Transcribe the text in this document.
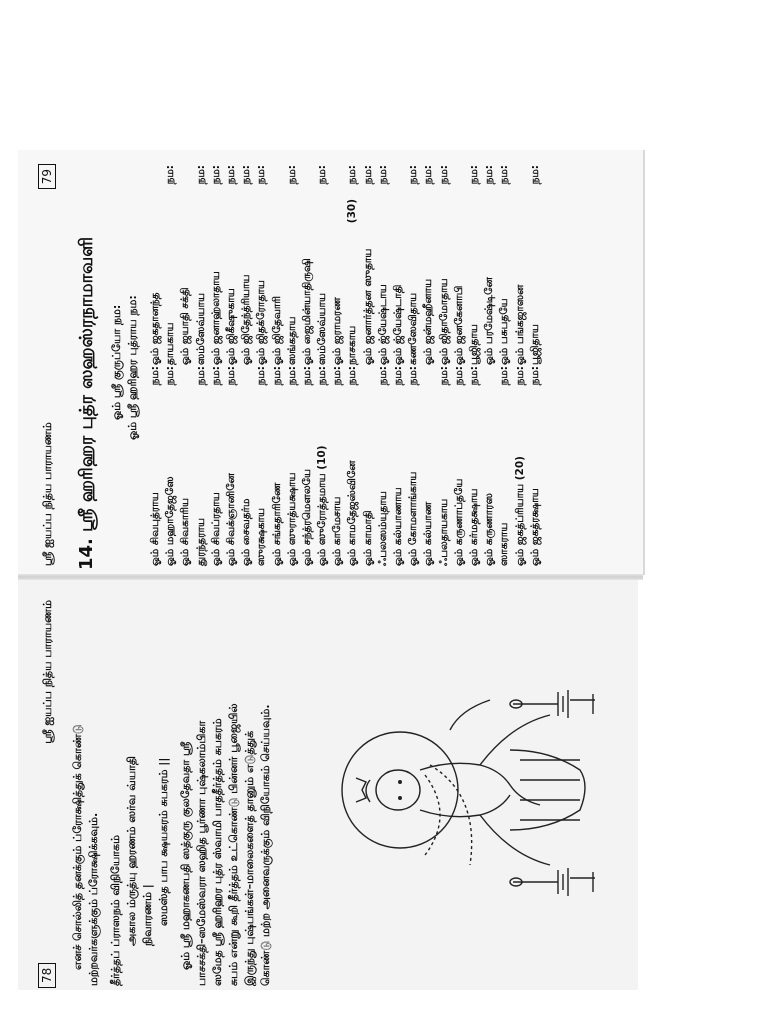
ஸ்ரீ ஐயப்ப நித்ய பாராயணம்
79
14. ஸ்ரீ ஹரிஹர புத்ர ஸஹஸ்ரநாமாவளி ஓம் ஸ்ரீ குருப்யோ நம: ஓம் ஸ்ரீ ஹரிஹர புத்ராய நம:
ஓம் சிவபுத்ராய
நம:
ஓம் மஹாதேஜஸே
நம:
ஓம் சிவகாரிய துரந்தராய
நம:
ஓம் சிவப்ரதாய
நம:
ஓம் சிவக்ஞானினே
நம:
ஓம் சைவதர்ம ஸுரக்ஷகாய
நம:
ஓம் சங்கதாரிணே
நம:
ஓம் ஸுராத்யக்ஷாய
நம:
ஓம் சந்த்ரமௌலயே
நம:
ஓம் ஸுரோத்தமாய (10)
நம:
ஓம் காமேசாய
நம:
ஓம் காமதேஜஸ்வினே
நம:
ஓம் காமாதி ஃபலஸம்யுதாய
நம:
ஓம் கல்யாணாய
நம:
ஓம் கோமளாங்காய
நம:
ஓம் கல்யாண ஃபலதாயகாய
நம:
ஓம் கருணாப்தயே
நம:
ஓம் கர்மதக்ஷாய
நம:
ஓம் கருணாரஸ ஸாகராய
நம:
ஓம் ஜகத்ப்ரியாய (20)
நம:
ஓம் ஜகத்ரக்ஷாய
நம:
ஓம் ஜகதானந்த தாயகாய
நம:
ஓம் ஜயாதி சக்தி ஸம்ஸேவ்யாய
நம:
ஓம் ஜனாஹ்லாதாய
நம:
ஓம் ஜிகீஷுகாய
நம:
ஓம் ஜிதேந்த்ரியாய
நம:
ஓம் ஜிதக்ரோதாய
நம:
ஓம் ஜிதேவாரி ஸங்கதாய
நம:
ஓம் ஜைமின்யாதிருஷி ஸம்ஸேவ்யாய
நம:
ஓம் ஜராமரண நாசகாய
(30)
நம:
ஓம் ஜனார்த்தன ஸுதாய
நம:
ஓம் ஜ்யேஷ்டாய
நம:
ஓம் ஜ்யேஷ்டாதி கணஸேவிதாய
நம:
ஓம் ஜன்மஹீனாய
நம:
ஓம் ஜிதாமோதாய
நம:
ஓம் ஜனகேனாபி பூஜிதாய
நம:
ஓம் பரமேஷ்டினே
நம:
ஓம் பசுபதயே
நம:
ஓம் பங்கஜாஸன பூஜிதாய
நம:
78
ஸ்ரீ ஐயப்ப நித்ய பாராயணம்
எனச் சொல்லித் தனக்கும் ப்ரோக்ஷித்துக் கொண்டு மற்றவர்களுக்கும் ப்ரோக்ஷிக்கவும். தீர்த்தப் ப்ராஸநம் விநியோகம் அகால ம்ருத்யு ஹரணம் ஸர்வ வ்யாதி நிவாரணம் | ஸமஸ்த பாப க்ஷயகரம் சுபகரம் || ஓம் ஸ்ரீ மஹாகணபதி ஸத்குரு குலதேவதா ஸ்ரீ பாசசக்தி–ஸமேஸ்வரா ஸஹித பூர்ணா புஷ்கலாம்பிகா ஸமேத ஸ்ரீ ஹரிஹர புத்ர ஸ்வாமி பாததீர்த்தம் சுபகரம் சுபம் என்று கூறி தீர்த்தம் உட்கொண்டு பின்னர் பூஜையில் இருந்து புஷ்பங்கள்–மாலைகளைத் தானும் எடுத்துக் கொண்டு மற்ற அனைவருக்கும் விநியோகம் செய்யவும்.
